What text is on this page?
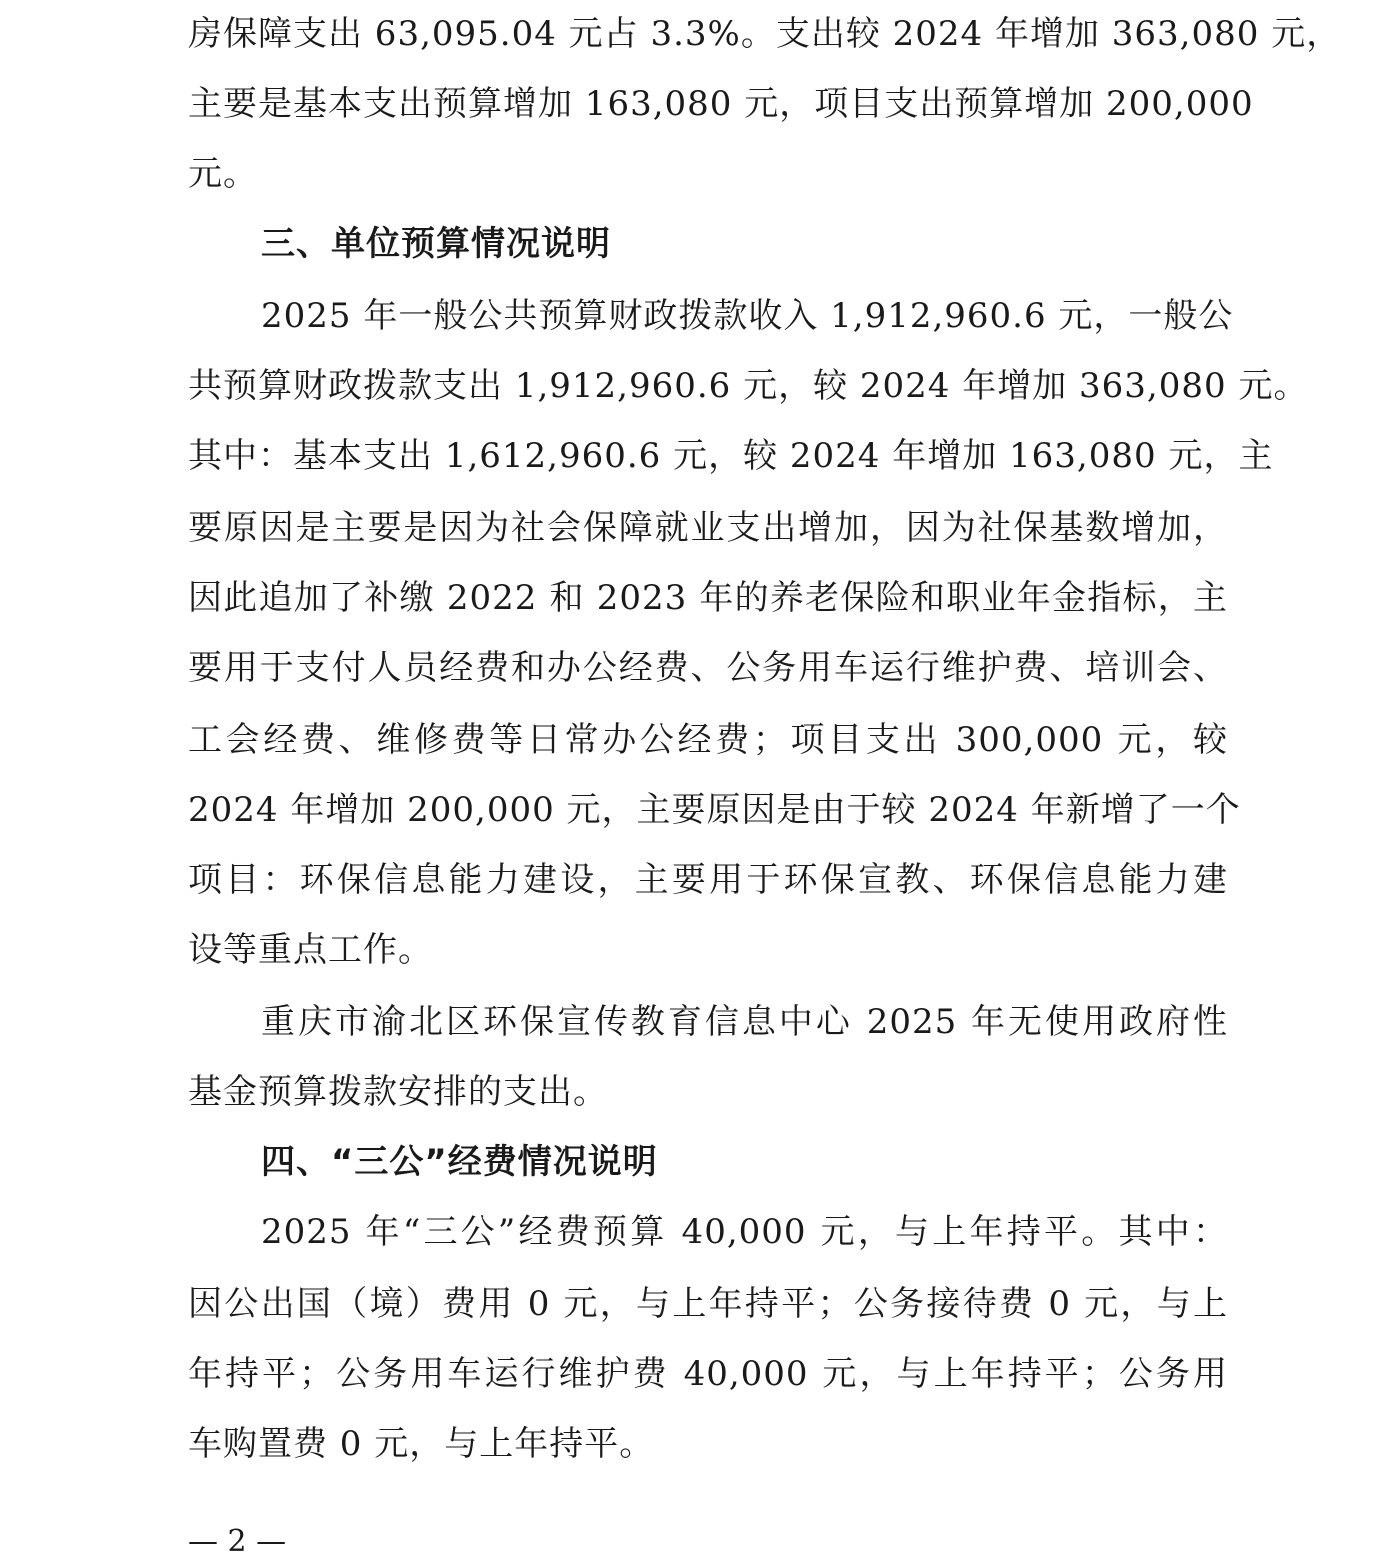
房保障支出 63,095.04 元占 3.3%。支出较 2024 年增加 363,080 元，
主要是基本支出预算增加 163,080 元，项目支出预算增加 200,000
元。
三、单位预算情况说明
2025 年一般公共预算财政拨款收入 1,912,960.6 元，一般公
共预算财政拨款支出 1,912,960.6 元，较 2024 年增加 363,080 元。
其中：基本支出 1,612,960.6 元，较 2024 年增加 163,080 元，主
要原因是主要是因为社会保障就业支出增加，因为社保基数增加，
因此追加了补缴 2022 和 2023 年的养老保险和职业年金指标，主
要用于支付人员经费和办公经费、公务用车运行维护费、培训会、
工会经费、维修费等日常办公经费；项目支出 300,000 元，较
2024 年增加 200,000 元，主要原因是由于较 2024 年新增了一个
项目：环保信息能力建设，主要用于环保宣教、环保信息能力建
设等重点工作。
重庆市渝北区环保宣传教育信息中心 2025 年无使用政府性
基金预算拨款安排的支出。
四、“三公”经费情况说明
2025 年“三公”经费预算 40,000 元，与上年持平。其中：
因公出国（境）费用 0 元，与上年持平；公务接待费 0 元，与上
年持平；公务用车运行维护费 40,000 元，与上年持平；公务用
车购置费 0 元，与上年持平。
— 2 —
